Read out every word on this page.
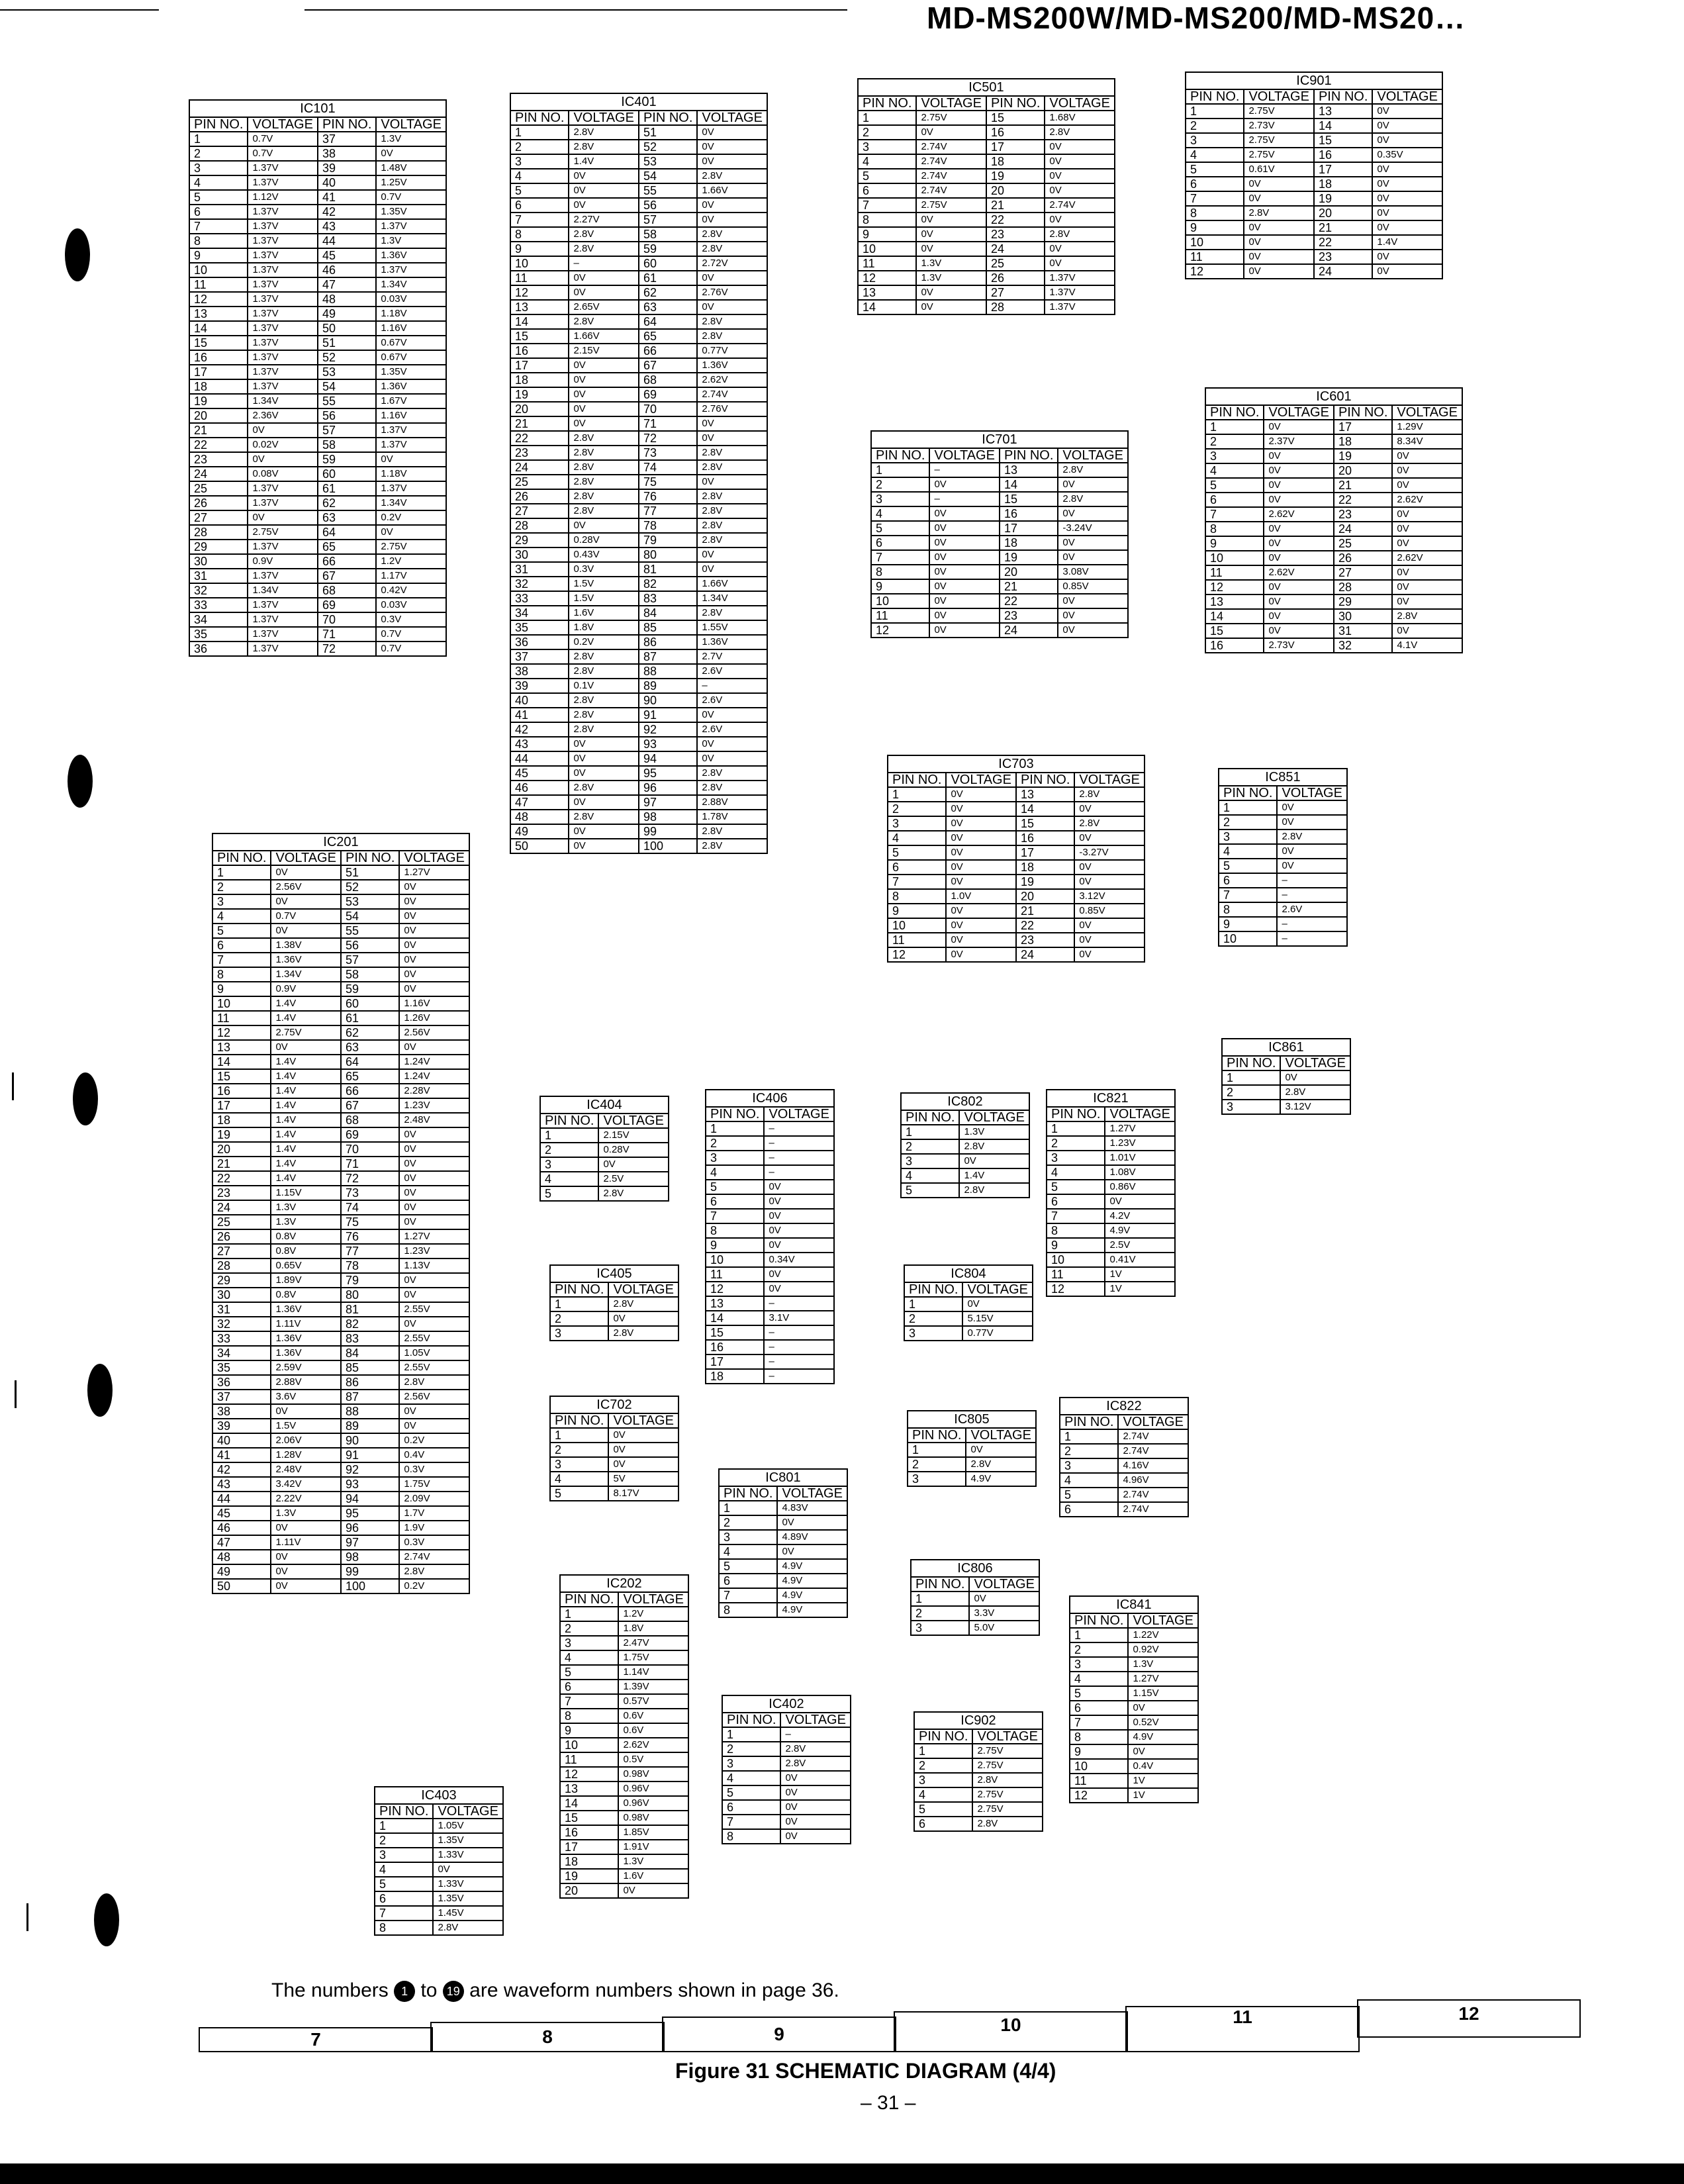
MD-MS200W/MD-MS200/MD-MS20…
IC101			
PIN NO.	VOLTAGE	PIN NO.	VOLTAGE
1	0.7V	37	1.3V
2	0.7V	38	0V
3	1.37V	39	1.48V
4	1.37V	40	1.25V
5	1.12V	41	0.7V
6	1.37V	42	1.35V
7	1.37V	43	1.37V
8	1.37V	44	1.3V
9	1.37V	45	1.36V
10	1.37V	46	1.37V
11	1.37V	47	1.34V
12	1.37V	48	0.03V
13	1.37V	49	1.18V
14	1.37V	50	1.16V
15	1.37V	51	0.67V
16	1.37V	52	0.67V
17	1.37V	53	1.35V
18	1.37V	54	1.36V
19	1.34V	55	1.67V
20	2.36V	56	1.16V
21	0V	57	1.37V
22	0.02V	58	1.37V
23	0V	59	0V
24	0.08V	60	1.18V
25	1.37V	61	1.37V
26	1.37V	62	1.34V
27	0V	63	0.2V
28	2.75V	64	0V
29	1.37V	65	2.75V
30	0.9V	66	1.2V
31	1.37V	67	1.17V
32	1.34V	68	0.42V
33	1.37V	69	0.03V
34	1.37V	70	0.3V
35	1.37V	71	0.7V
36	1.37V	72	0.7V
IC401			
PIN NO.	VOLTAGE	PIN NO.	VOLTAGE
1	2.8V	51	0V
2	2.8V	52	0V
3	1.4V	53	0V
4	0V	54	2.8V
5	0V	55	1.66V
6	0V	56	0V
7	2.27V	57	0V
8	2.8V	58	2.8V
9	2.8V	59	2.8V
10	–	60	2.72V
11	0V	61	0V
12	0V	62	2.76V
13	2.65V	63	0V
14	2.8V	64	2.8V
15	1.66V	65	2.8V
16	2.15V	66	0.77V
17	0V	67	1.36V
18	0V	68	2.62V
19	0V	69	2.74V
20	0V	70	2.76V
21	0V	71	0V
22	2.8V	72	0V
23	2.8V	73	2.8V
24	2.8V	74	2.8V
25	2.8V	75	0V
26	2.8V	76	2.8V
27	2.8V	77	2.8V
28	0V	78	2.8V
29	0.28V	79	2.8V
30	0.43V	80	0V
31	0.3V	81	0V
32	1.5V	82	1.66V
33	1.5V	83	1.34V
34	1.6V	84	2.8V
35	1.8V	85	1.55V
36	0.2V	86	1.36V
37	2.8V	87	2.7V
38	2.8V	88	2.6V
39	0.1V	89	–
40	2.8V	90	2.6V
41	2.8V	91	0V
42	2.8V	92	2.6V
43	0V	93	0V
44	0V	94	0V
45	0V	95	2.8V
46	2.8V	96	2.8V
47	0V	97	2.88V
48	2.8V	98	1.78V
49	0V	99	2.8V
50	0V	100	2.8V
IC501			
PIN NO.	VOLTAGE	PIN NO.	VOLTAGE
1	2.75V	15	1.68V
2	0V	16	2.8V
3	2.74V	17	0V
4	2.74V	18	0V
5	2.74V	19	0V
6	2.74V	20	0V
7	2.75V	21	2.74V
8	0V	22	0V
9	0V	23	2.8V
10	0V	24	0V
11	1.3V	25	0V
12	1.3V	26	1.37V
13	0V	27	1.37V
14	0V	28	1.37V
IC901			
PIN NO.	VOLTAGE	PIN NO.	VOLTAGE
1	2.75V	13	0V
2	2.73V	14	0V
3	2.75V	15	0V
4	2.75V	16	0.35V
5	0.61V	17	0V
6	0V	18	0V
7	0V	19	0V
8	2.8V	20	0V
9	0V	21	0V
10	0V	22	1.4V
11	0V	23	0V
12	0V	24	0V
IC601			
PIN NO.	VOLTAGE	PIN NO.	VOLTAGE
1	0V	17	1.29V
2	2.37V	18	8.34V
3	0V	19	0V
4	0V	20	0V
5	0V	21	0V
6	0V	22	2.62V
7	2.62V	23	0V
8	0V	24	0V
9	0V	25	0V
10	0V	26	2.62V
11	2.62V	27	0V
12	0V	28	0V
13	0V	29	0V
14	0V	30	2.8V
15	0V	31	0V
16	2.73V	32	4.1V
IC701			
PIN NO.	VOLTAGE	PIN NO.	VOLTAGE
1	–	13	2.8V
2	0V	14	0V
3	–	15	2.8V
4	0V	16	0V
5	0V	17	-3.24V
6	0V	18	0V
7	0V	19	0V
8	0V	20	3.08V
9	0V	21	0.85V
10	0V	22	0V
11	0V	23	0V
12	0V	24	0V
IC703			
PIN NO.	VOLTAGE	PIN NO.	VOLTAGE
1	0V	13	2.8V
2	0V	14	0V
3	0V	15	2.8V
4	0V	16	0V
5	0V	17	-3.27V
6	0V	18	0V
7	0V	19	0V
8	1.0V	20	3.12V
9	0V	21	0.85V
10	0V	22	0V
11	0V	23	0V
12	0V	24	0V
IC201			
PIN NO.	VOLTAGE	PIN NO.	VOLTAGE
1	0V	51	1.27V
2	2.56V	52	0V
3	0V	53	0V
4	0.7V	54	0V
5	0V	55	0V
6	1.38V	56	0V
7	1.36V	57	0V
8	1.34V	58	0V
9	0.9V	59	0V
10	1.4V	60	1.16V
11	1.4V	61	1.26V
12	2.75V	62	2.56V
13	0V	63	0V
14	1.4V	64	1.24V
15	1.4V	65	1.24V
16	1.4V	66	2.28V
17	1.4V	67	1.23V
18	1.4V	68	2.48V
19	1.4V	69	0V
20	1.4V	70	0V
21	1.4V	71	0V
22	1.4V	72	0V
23	1.15V	73	0V
24	1.3V	74	0V
25	1.3V	75	0V
26	0.8V	76	1.27V
27	0.8V	77	1.23V
28	0.65V	78	1.13V
29	1.89V	79	0V
30	0.8V	80	0V
31	1.36V	81	2.55V
32	1.11V	82	0V
33	1.36V	83	2.55V
34	1.36V	84	1.05V
35	2.59V	85	2.55V
36	2.88V	86	2.8V
37	3.6V	87	2.56V
38	0V	88	0V
39	1.5V	89	0V
40	2.06V	90	0.2V
41	1.28V	91	0.4V
42	2.48V	92	0.3V
43	3.42V	93	1.75V
44	2.22V	94	2.09V
45	1.3V	95	1.7V
46	0V	96	1.9V
47	1.11V	97	0.3V
48	0V	98	2.74V
49	0V	99	2.8V
50	0V	100	0.2V
IC851	
PIN NO.	VOLTAGE
1	0V
2	0V
3	2.8V
4	0V
5	0V
6	–
7	–
8	2.6V
9	–
10	–
IC861	
PIN NO.	VOLTAGE
1	0V
2	2.8V
3	3.12V
IC404	
PIN NO.	VOLTAGE
1	2.15V
2	0.28V
3	0V
4	2.5V
5	2.8V
IC406	
PIN NO.	VOLTAGE
1	–
2	–
3	–
4	–
5	0V
6	0V
7	0V
8	0V
9	0V
10	0.34V
11	0V
12	0V
13	–
14	3.1V
15	–
16	–
17	–
18	–
IC802	
PIN NO.	VOLTAGE
1	1.3V
2	2.8V
3	0V
4	1.4V
5	2.8V
IC821	
PIN NO.	VOLTAGE
1	1.27V
2	1.23V
3	1.01V
4	1.08V
5	0.86V
6	0V
7	4.2V
8	4.9V
9	2.5V
10	0.41V
11	1V
12	1V
IC405	
PIN NO.	VOLTAGE
1	2.8V
2	0V
3	2.8V
IC804	
PIN NO.	VOLTAGE
1	0V
2	5.15V
3	0.77V
IC702	
PIN NO.	VOLTAGE
1	0V
2	0V
3	0V
4	5V
5	8.17V
IC805	
PIN NO.	VOLTAGE
1	0V
2	2.8V
3	4.9V
IC822	
PIN NO.	VOLTAGE
1	2.74V
2	2.74V
3	4.16V
4	4.96V
5	2.74V
6	2.74V
IC801	
PIN NO.	VOLTAGE
1	4.83V
2	0V
3	4.89V
4	0V
5	4.9V
6	4.9V
7	4.9V
8	4.9V
IC806	
PIN NO.	VOLTAGE
1	0V
2	3.3V
3	5.0V
IC202	
PIN NO.	VOLTAGE
1	1.2V
2	1.8V
3	2.47V
4	1.75V
5	1.14V
6	1.39V
7	0.57V
8	0.6V
9	0.6V
10	2.62V
11	0.5V
12	0.98V
13	0.96V
14	0.96V
15	0.98V
16	1.85V
17	1.91V
18	1.3V
19	1.6V
20	0V
IC841	
PIN NO.	VOLTAGE
1	1.22V
2	0.92V
3	1.3V
4	1.27V
5	1.15V
6	0V
7	0.52V
8	4.9V
9	0V
10	0.4V
11	1V
12	1V
IC402	
PIN NO.	VOLTAGE
1	–
2	2.8V
3	2.8V
4	0V
5	0V
6	0V
7	0V
8	0V
IC902	
PIN NO.	VOLTAGE
1	2.75V
2	2.75V
3	2.8V
4	2.75V
5	2.75V
6	2.8V
IC403	
PIN NO.	VOLTAGE
1	1.05V
2	1.35V
3	1.33V
4	0V
5	1.33V
6	1.35V
7	1.45V
8	2.8V
The numbers 1 to 19 are waveform numbers shown in page 36.
7	8	9	10	11	12
Figure 31 SCHEMATIC DIAGRAM (4/4)
– 31 –
